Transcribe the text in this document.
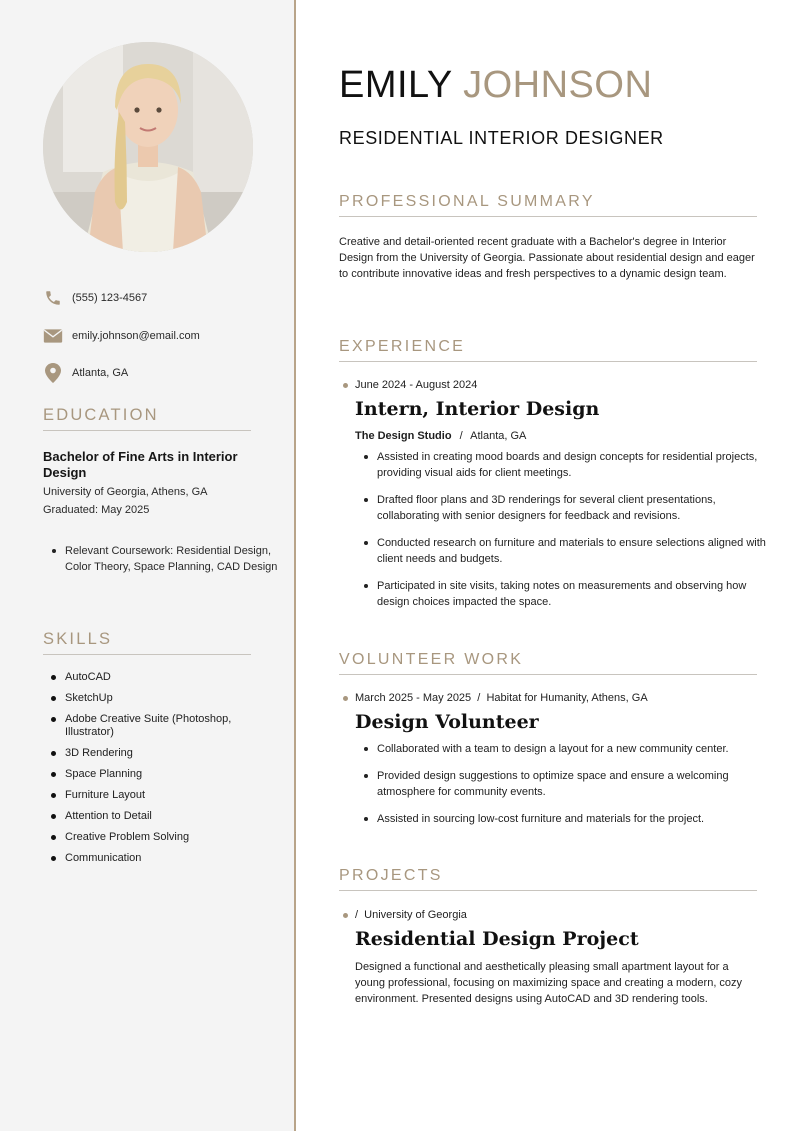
(555) 123-4567
emily.johnson@email.com
Atlanta, GA
EDUCATION
Bachelor of Fine Arts in Interior Design
University of Georgia, Athens, GA
Graduated: May 2025
Relevant Coursework: Residential Design, Color Theory, Space Planning, CAD Design
SKILLS
AutoCAD
SketchUp
Adobe Creative Suite (Photoshop, Illustrator)
3D Rendering
Space Planning
Furniture Layout
Attention to Detail
Creative Problem Solving
Communication
EMILY JOHNSON
RESIDENTIAL INTERIOR DESIGNER
PROFESSIONAL SUMMARY
Creative and detail-oriented recent graduate with a Bachelor's degree in Interior Design from the University of Georgia. Passionate about residential design and eager to contribute innovative ideas and fresh perspectives to a dynamic design team.
EXPERIENCE
June 2024 - August 2024
Intern, Interior Design
The Design Studio / Atlanta, GA
Assisted in creating mood boards and design concepts for residential projects, providing visual aids for client meetings.
Drafted floor plans and 3D renderings for several client presentations, collaborating with senior designers for feedback and revisions.
Conducted research on furniture and materials to ensure selections aligned with client needs and budgets.
Participated in site visits, taking notes on measurements and observing how design choices impacted the space.
VOLUNTEER WORK
March 2025 - May 2025  /  Habitat for Humanity, Athens, GA
Design Volunteer
Collaborated with a team to design a layout for a new community center.
Provided design suggestions to optimize space and ensure a welcoming atmosphere for community events.
Assisted in sourcing low-cost furniture and materials for the project.
PROJECTS
/  University of Georgia
Residential Design Project
Designed a functional and aesthetically pleasing small apartment layout for a young professional, focusing on maximizing space and creating a modern, cozy environment. Presented designs using AutoCAD and 3D rendering tools.
